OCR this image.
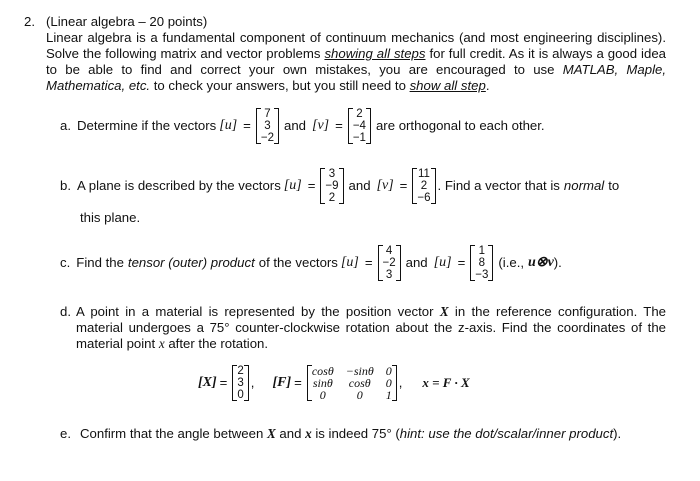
2. (Linear algebra – 20 points)
Linear algebra is a fundamental component of continuum mechanics (and most engineering disciplines). Solve the following matrix and vector problems showing all steps for full credit. As it is always a good idea to be able to find and correct your own mistakes, you are encouraged to use MATLAB, Maple, Mathematica, etc. to check your answers, but you still need to show all step.
a. Determine if the vectors [u] =
7
3
−2
and [v] =
2
−4
−1
are orthogonal to each other.
b. A plane is described by the vectors [u] =
3
−9
2
and [v] =
11
2
−6
. Find a vector that is normal to
this plane.
c. Find the tensor (outer) product of the vectors [u] =
4
−2
3
and [u] =
1
8
−3
(i.e., u⊗v ).
d. A point in a material is represented by the position vector X in the reference configuration. The material undergoes a 75° counter-clockwise rotation about the z-axis. Find the coordinates of the material point x after the rotation.
[X] =
2
3
0
, [F] =
cosθ −sinθ 0
sinθ cosθ 0
0	0	1
, x = F · X
e. Confirm that the angle between X and x is indeed 75° (hint: use the dot/scalar/inner product).
